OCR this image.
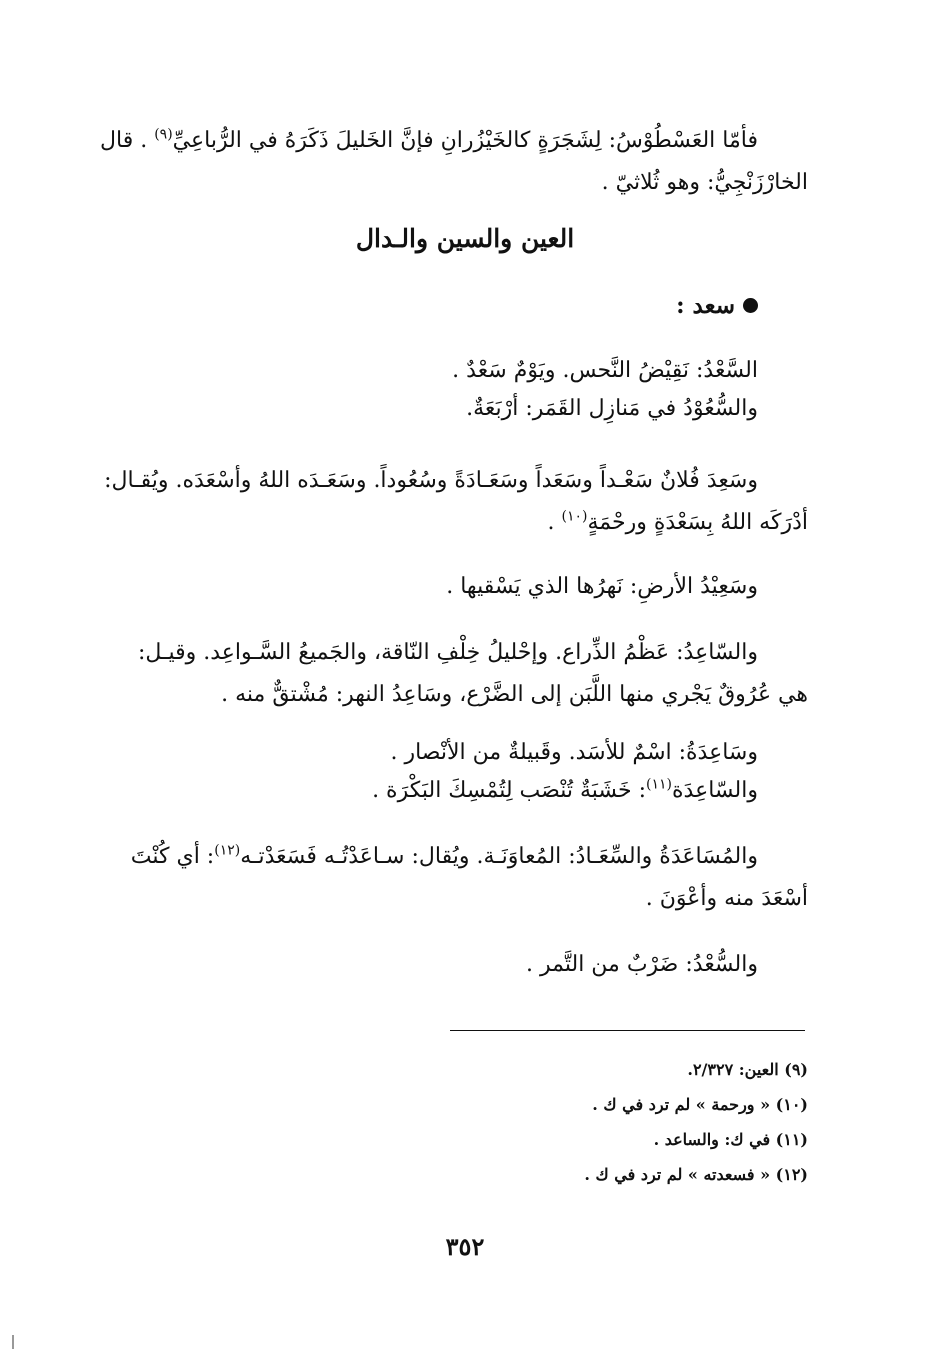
فأمّا العَسْطُوْسُ: لِشَجَرَةٍ كالخَيْزُرانِ فإنَّ الخَليلَ ذَكَرَهُ في الرُّباعِيِّ$^{(٩)}$ . قال
الخارْزَنْجِيُّ: وهو ثُلاثيّ .
العين والسين والـدال
سعد :
السَّعْدُ: نَقِيْضُ النَّحس. ويَوْمٌ سَعْدٌ .
والسُّعُوْدُ في مَنازِل القَمَر: أرْبَعَةٌ.
وسَعِدَ فُلانٌ سَعْـداً وسَعَداً وسَعَـادَةً وسُعُوداً. وسَعَـدَه اللهُ وأسْعَدَه. ويُقـال:
أدْرَكَه اللهُ بِسَعْدَةٍ ورحْمَةٍ$^{(١٠)}$ .
وسَعِيْدُ الأرضِ: نَهرُها الذي يَسْقيها .
والسّاعِدُ: عَظْمُ الذِّراع. وإحْليلُ خِلْفِ النّاقة، والجَميعُ السَّـواعِد. وقيـل:
هي عُرُوقٌ يَجْري منها اللَّبَن إلى الضَّرْع، وسَاعِدُ النهر: مُشْتقٌّ منه .
وسَاعِدَةُ: اسْمٌ للأسَد. وقَبيلةٌ من الأنْصار .
والسّاعِدَة$^{(١١)}$: خَشَبَةٌ تُنْصَب لِتُمْسِكَ البَكْرَة .
والمُسَاعَدَةُ والسِّعَـادُ: المُعاوَنَـة. ويُقال: سـاعَدْتُـه فَسَعَدْتـه$^{(١٢)}$: أي كُنْتَ
أسْعَدَ منه وأعْوَنَ .
والسُّعْدُ: ضَرْبٌ من التَّمر .
(٩) العين: ٢/٣٢٧.
(١٠) « ورحمة » لم ترد في ك .
(١١) في ك: والساعد .
(١٢) « فسعدته » لم ترد في ك .
٣٥٢
